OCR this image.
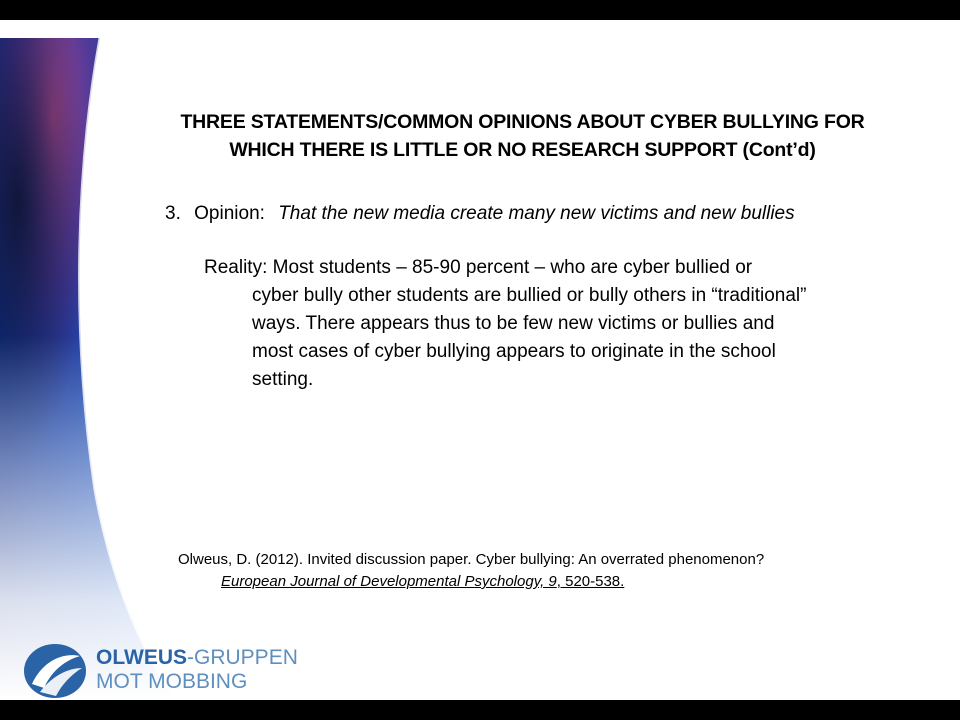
THREE STATEMENTS/COMMON OPINIONS ABOUT CYBER BULLYING FOR
WHICH THERE IS LITTLE OR NO RESEARCH SUPPORT (Cont’d)
3. Opinion: That the new media create many new victims and new bullies
Reality: Most students – 85-90 percent – who are cyber bullied or
cyber bully other students are bullied or bully others in “traditional”
ways. There appears thus to be few new victims or bullies and
most cases of cyber bullying appears to originate in the school
setting.
Olweus, D. (2012). Invited discussion paper. Cyber bullying: An overrated phenomenon?
European Journal of Developmental Psychology, 9, 520-538.
OLWEUS-GRUPPEN
MOT MOBBING
